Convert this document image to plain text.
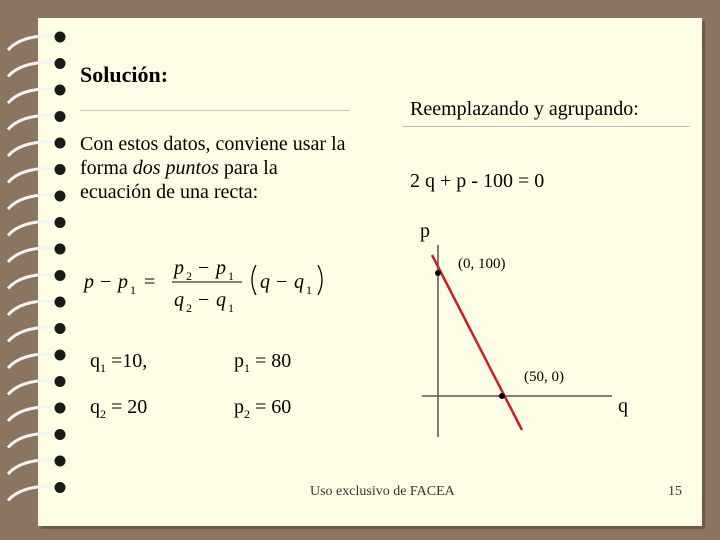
Solución:
Con estos datos, conviene usar la forma dos puntos para la ecuación de una recta:
p − p 1 =
p 2 − p 1
q 2 − q 1
q − q 1
$q_1 =10$,	$p_1 = 80$
$q_2 = 20$	$p_2 = 60$
Reemplazando y agrupando:
2 q + p - 100 = 0
p
q
(0, 100)
(50, 0)
Uso exclusivo de FACEA	15
